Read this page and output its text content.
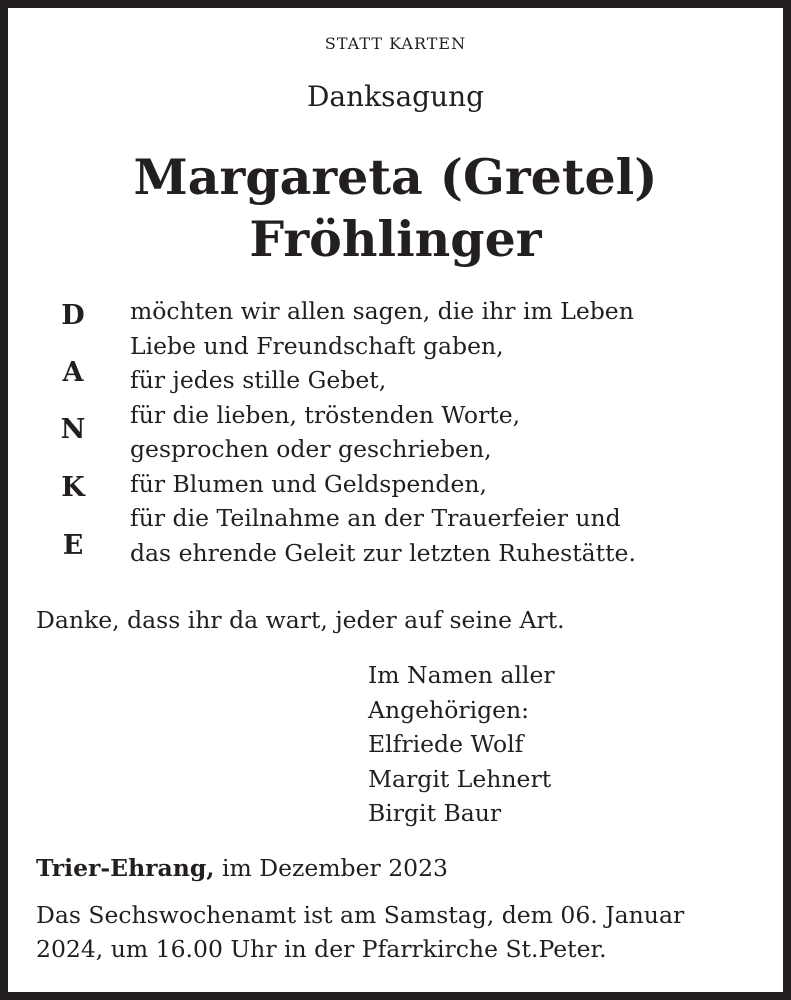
STATT KARTEN
Danksagung
Margareta (Gretel)
Fröhlinger
D
A
N
K
E
möchten wir allen sagen, die ihr im Leben
Liebe und Freundschaft gaben,
für jedes stille Gebet,
für die lieben, tröstenden Worte,
gesprochen oder geschrieben,
für Blumen und Geldspenden,
für die Teilnahme an der Trauerfeier und
das ehrende Geleit zur letzten Ruhestätte.
Danke, dass ihr da wart, jeder auf seine Art.
Im Namen aller
Angehörigen:
Elfriede Wolf
Margit Lehnert
Birgit Baur
Trier-Ehrang, im Dezember 2023
Das Sechswochenamt ist am Samstag, dem 06. Januar
2024, um 16.00 Uhr in der Pfarrkirche St.Peter.
